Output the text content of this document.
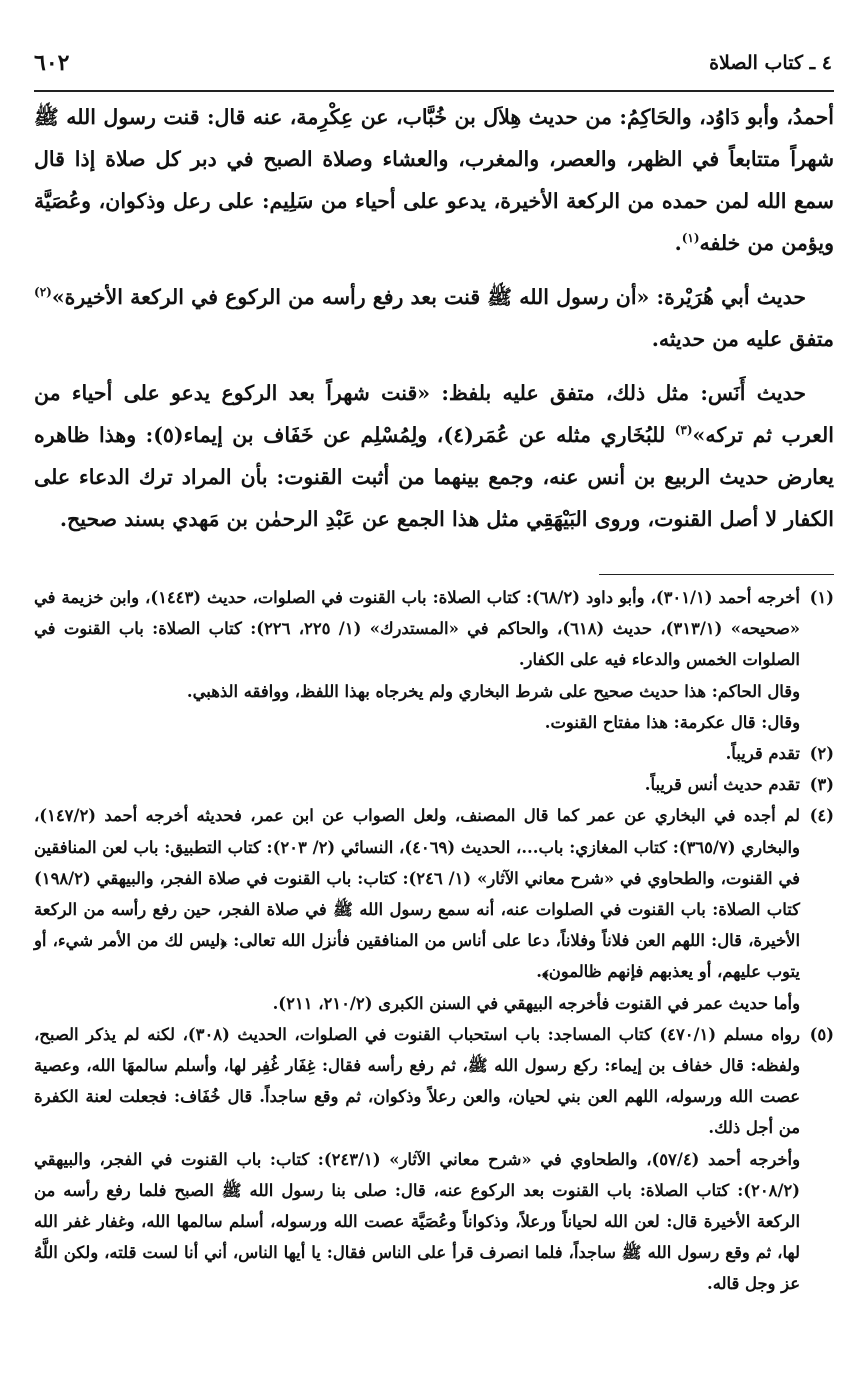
٤ ـ كتاب الصلاة
٦٠٢

أحمدُ، وأبو دَاوُد، والحَاكِمُ: من حديث هِلاَل بن خُبَّاب، عن عِكْرِمة، عنه قال: قنت رسول الله ﷺ شهراً متتابعاً في الظهر، والعصر، والمغرب، والعشاء وصلاة الصبح في دبر كل صلاة إذا قال سمع الله لمن حمده من الركعة الأخيرة، يدعو على أحياء من سَلِيم: على رعل وذكوان، وعُصَيَّة ويؤمن من خلفه$^{(١)}$.

حديث أبي هُرَيْرة: «أن رسول الله ﷺ قنت بعد رفع رأسه من الركوع في الركعة الأخيرة»$^{(٢)}$ متفق عليه من حديثه.

حديث أَنَس: مثل ذلك، متفق عليه بلفظ: «قنت شهراً بعد الركوع يدعو على أحياء من العرب ثم تركه»$^{(٣)}$ للبُخَاري مثله عن عُمَر(٤)، ولِمُسْلِم عن خَفَاف بن إيماء(٥): وهذا ظاهره يعارض حديث الربيع بن أنس عنه، وجمع بينهما من أثبت القنوت: بأن المراد ترك الدعاء على الكفار لا أصل القنوت، وروى البَيْهَقِي مثل هذا الجمع عن عَبْدِ الرحمٰن بن مَهدي بسند صحيح.

(١)

أخرجه أحمد (٣٠١/١)، وأبو داود (٦٨/٢): كتاب الصلاة: باب القنوت في الصلوات، حديث (١٤٤٣)، وابن خزيمة في «صحيحه» (٣١٣/١)، حديث (٦١٨)، والحاكم في «المستدرك» (١/ ٢٢٥، ٢٢٦): كتاب الصلاة: باب القنوت في الصلوات الخمس والدعاء فيه على الكفار.

وقال الحاكم: هذا حديث صحيح على شرط البخاري ولم يخرجاه بهذا اللفظ، ووافقه الذهبي.

وقال: قال عكرمة: هذا مفتاح القنوت.

(٢)

تقدم قريباً.

(٣)

تقدم حديث أنس قريباً.

(٤)

لم أجده في البخاري عن عمر كما قال المصنف، ولعل الصواب عن ابن عمر، فحديثه أخرجه أحمد (١٤٧/٢)، والبخاري (٣٦٥/٧): كتاب المغازي: باب...، الحديث (٤٠٦٩)، النسائي (٢/ ٢٠٣): كتاب التطبيق: باب لعن المنافقين في القنوت، والطحاوي في «شرح معاني الآثار» (١/ ٢٤٦): كتاب: باب القنوت في صلاة الفجر، والبيهقي (١٩٨/٢) كتاب الصلاة: باب القنوت في الصلوات عنه، أنه سمع رسول الله ﷺ في صلاة الفجر، حين رفع رأسه من الركعة الأخيرة، قال: اللهم العن فلاناً وفلاناً، دعا على أناس من المنافقين فأنزل الله تعالى: ﴿ليس لك من الأمر شيء، أو يتوب عليهم، أو يعذبهم فإنهم ظالمون﴾.

وأما حديث عمر في القنوت فأخرجه البيهقي في السنن الكبرى (٢١٠/٢، ٢١١).

(٥)

رواه مسلم (٤٧٠/١) كتاب المساجد: باب استحباب القنوت في الصلوات، الحديث (٣٠٨)، لكنه لم يذكر الصبح، ولفظه: قال خفاف بن إيماء: ركع رسول الله ﷺ، ثم رفع رأسه فقال: غِفَار غُفِر لها، وأسلم سالمهَا الله، وعصية عصت الله ورسوله، اللهم العن بني لحيان، والعن رعلاً وذكوان، ثم وقع ساجداً. قال خُفَاف: فجعلت لعنة الكفرة من أجل ذلك.

وأخرجه أحمد (٥٧/٤)، والطحاوي في «شرح معاني الآثار» (٢٤٣/١): كتاب: باب القنوت في الفجر، والبيهقي (٢٠٨/٢): كتاب الصلاة: باب القنوت بعد الركوع عنه، قال: صلى بنا رسول الله ﷺ الصبح فلما رفع رأسه من الركعة الأخيرة قال: لعن الله لحياناً ورعلاً، وذكواناً وعُصَيَّة عصت الله ورسوله، أسلم سالمها الله، وغفار غفر الله لها، ثم وقع رسول الله ﷺ ساجداً، فلما انصرف قرأ على الناس فقال: يا أيها الناس، أني أنا لست قلته، ولكن اللَّهُ عز وجل قاله.
